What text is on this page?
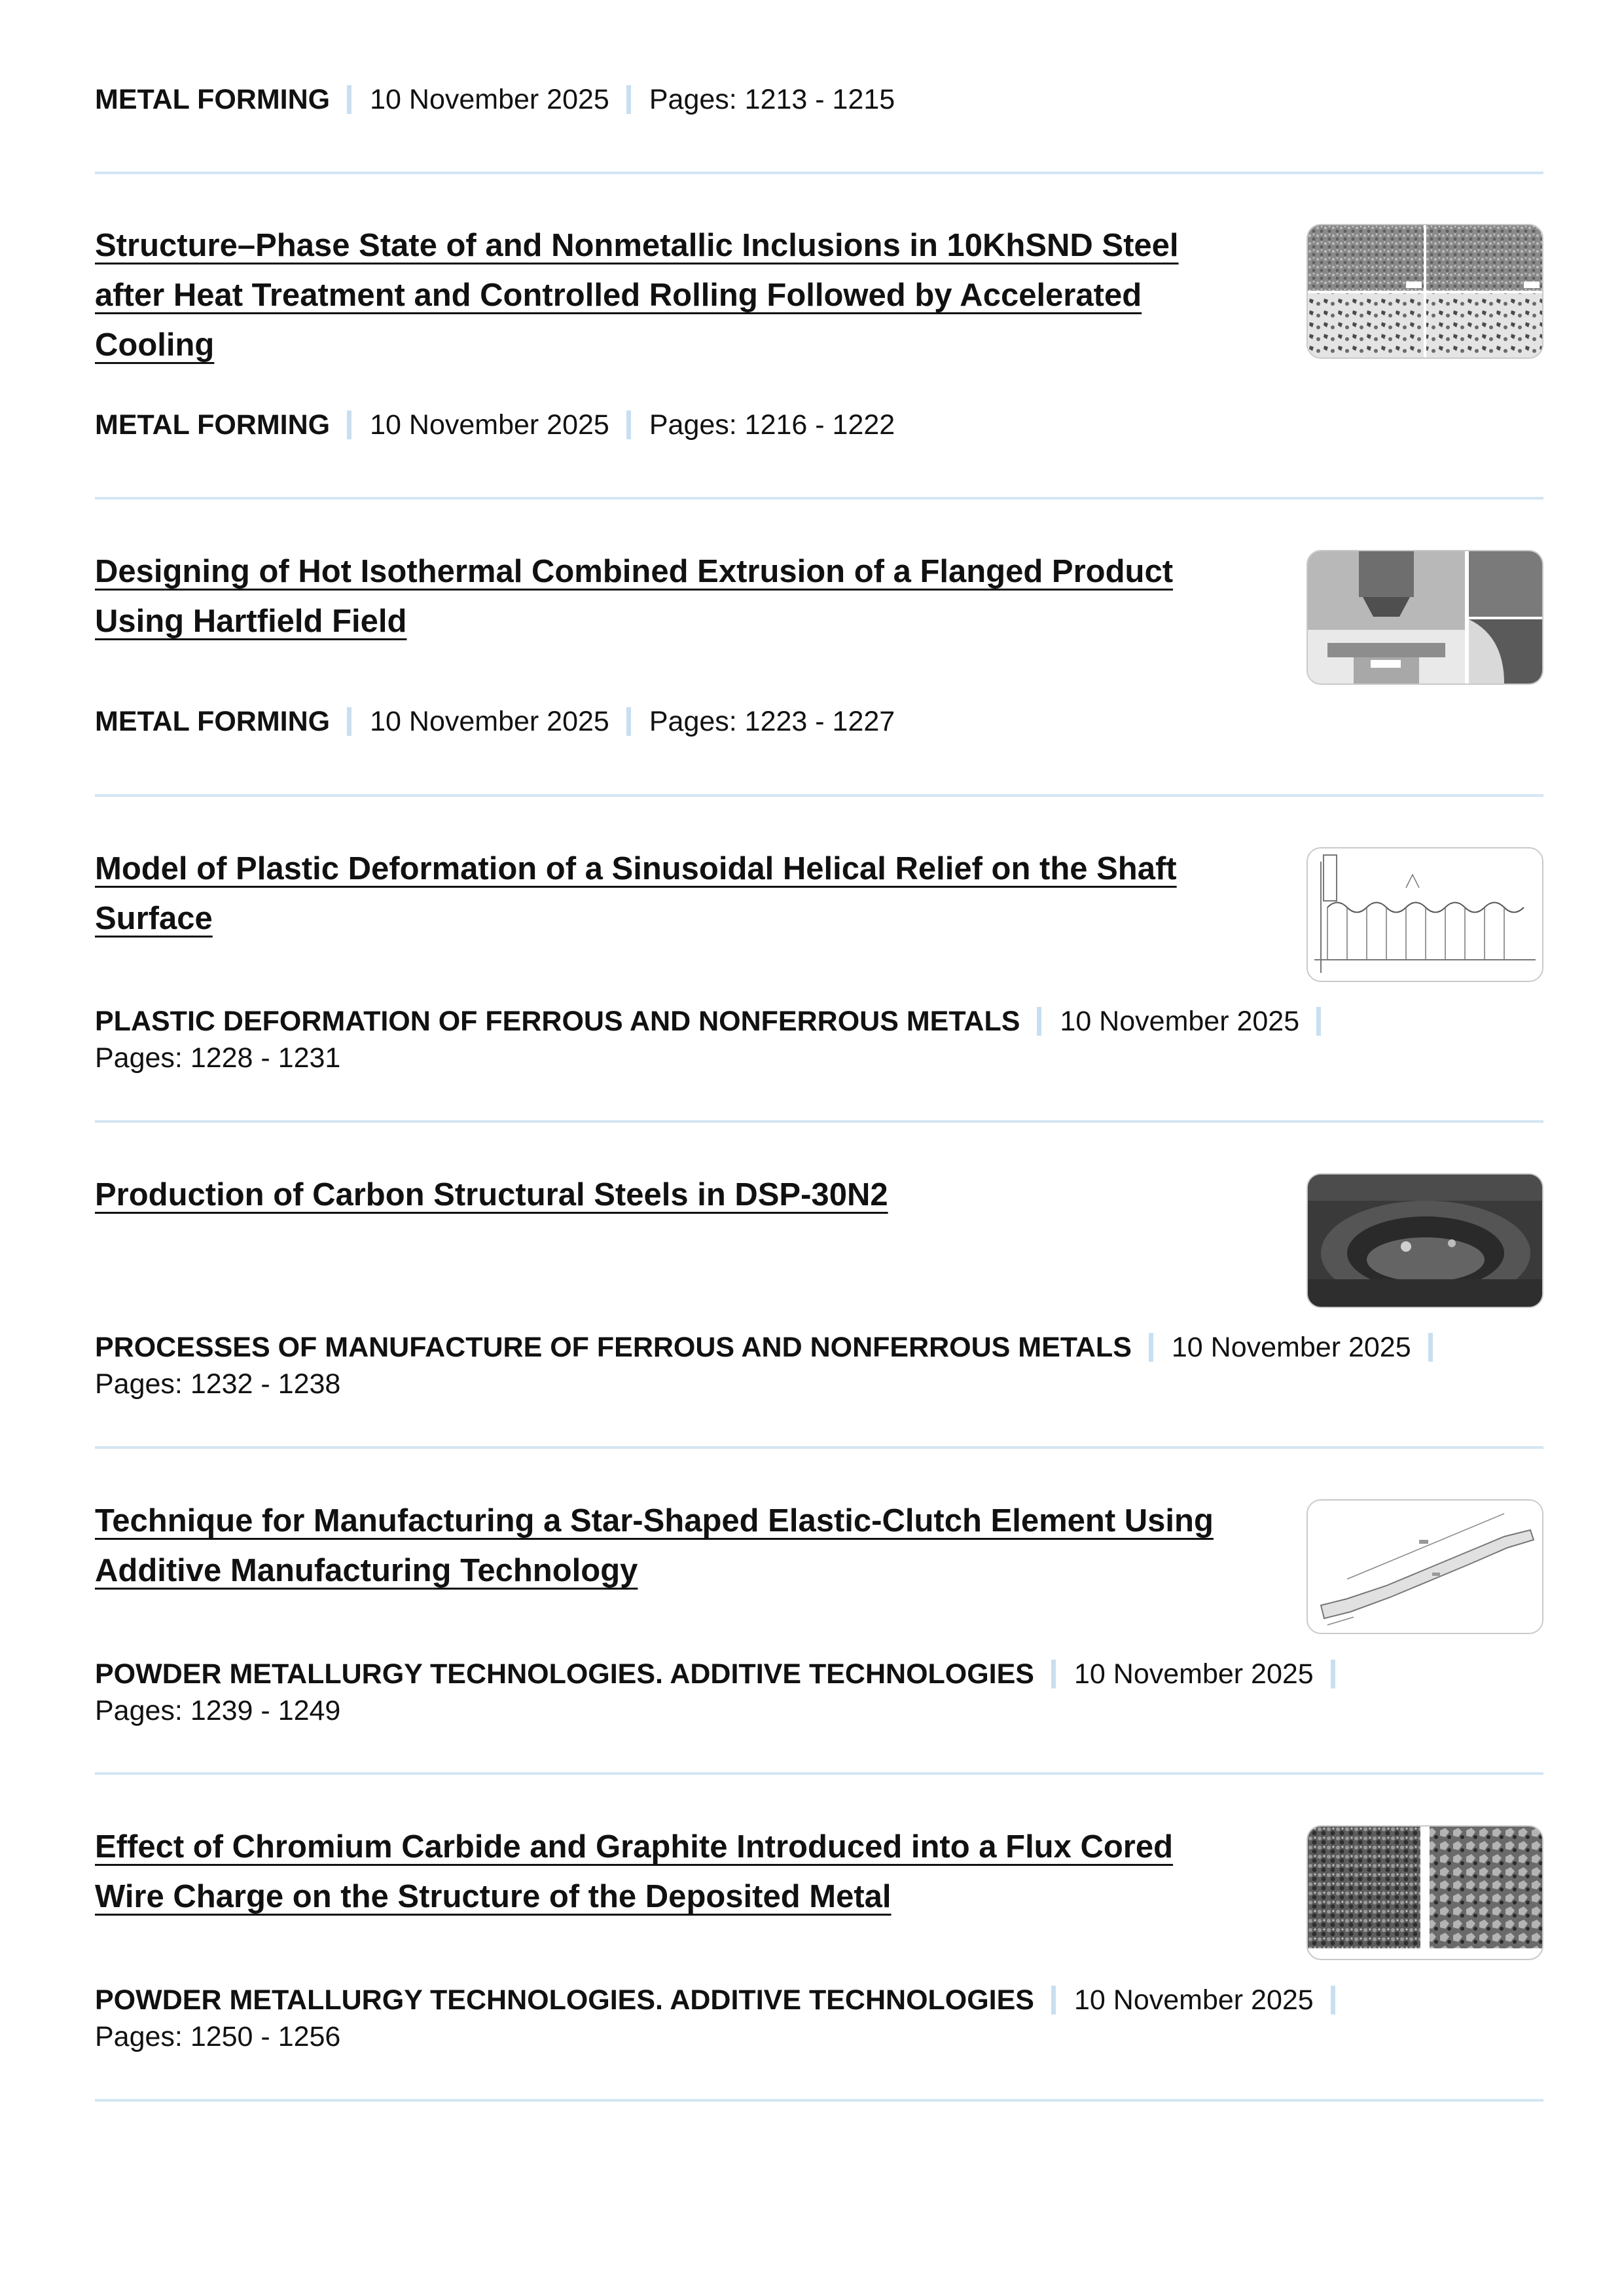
METAL FORMING 10 November 2025 Pages: 1213 - 1215
Structure–Phase State of and Nonmetallic Inclusions in 10KhSND Steel after Heat Treatment and Controlled Rolling Followed by Accelerated Cooling
METAL FORMING 10 November 2025 Pages: 1216 - 1222
Designing of Hot Isothermal Combined Extrusion of a Flanged Product Using Hartfield Field
METAL FORMING 10 November 2025 Pages: 1223 - 1227
Model of Plastic Deformation of a Sinusoidal Helical Relief on the Shaft Surface
PLASTIC DEFORMATION OF FERROUS AND NONFERROUS METALS 10 November 2025
Pages: 1228 - 1231
Production of Carbon Structural Steels in DSP-30N2
PROCESSES OF MANUFACTURE OF FERROUS AND NONFERROUS METALS 10 November 2025
Pages: 1232 - 1238
Technique for Manufacturing a Star-Shaped Elastic-Clutch Element Using Additive Manufacturing Technology
POWDER METALLURGY TECHNOLOGIES. ADDITIVE TECHNOLOGIES 10 November 2025
Pages: 1239 - 1249
Effect of Chromium Carbide and Graphite Introduced into a Flux Cored Wire Charge on the Structure of the Deposited Metal
POWDER METALLURGY TECHNOLOGIES. ADDITIVE TECHNOLOGIES 10 November 2025
Pages: 1250 - 1256
